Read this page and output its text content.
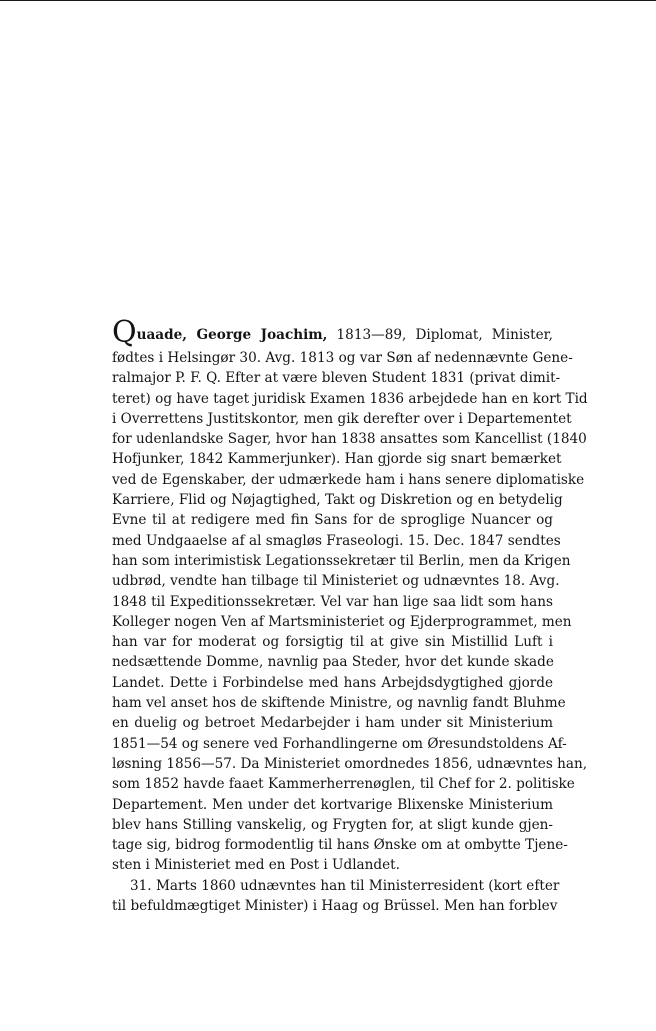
Quaade, George Joachim, 1813—89, Diplomat, Minister,
fødtes i Helsingør 30. Avg. 1813 og var Søn af nedennævnte Gene-
ralmajor P. F. Q. Efter at være bleven Student 1831 (privat dimit-
teret) og have taget juridisk Examen 1836 arbejdede han en kort Tid
i Overrettens Justitskontor, men gik derefter over i Departementet
for udenlandske Sager, hvor han 1838 ansattes som Kancellist (1840
Hofjunker, 1842 Kammerjunker). Han gjorde sig snart bemærket
ved de Egenskaber, der udmærkede ham i hans senere diplomatiske
Karriere, Flid og Nøjagtighed, Takt og Diskretion og en betydelig
Evne til at redigere med fin Sans for de sproglige Nuancer og
med Undgaaelse af al smagløs Fraseologi. 15. Dec. 1847 sendtes
han som interimistisk Legationssekretær til Berlin, men da Krigen
udbrød, vendte han tilbage til Ministeriet og udnævntes 18. Avg.
1848 til Expeditionssekretær. Vel var han lige saa lidt som hans
Kolleger nogen Ven af Martsministeriet og Ejderprogrammet, men
han var for moderat og forsigtig til at give sin Mistillid Luft i
nedsættende Domme, navnlig paa Steder, hvor det kunde skade
Landet. Dette i Forbindelse med hans Arbejdsdygtighed gjorde
ham vel anset hos de skiftende Ministre, og navnlig fandt Bluhme
en duelig og betroet Medarbejder i ham under sit Ministerium
1851—54 og senere ved Forhandlingerne om Øresundstoldens Af-
løsning 1856—57. Da Ministeriet omordnedes 1856, udnævntes han,
som 1852 havde faaet Kammerherrenøglen, til Chef for 2. politiske
Departement. Men under det kortvarige Blixenske Ministerium
blev hans Stilling vanskelig, og Frygten for, at sligt kunde gjen-
tage sig, bidrog formodentlig til hans Ønske om at ombytte Tjene-
sten i Ministeriet med en Post i Udlandet.
31. Marts 1860 udnævntes han til Ministerresident (kort efter
til befuldmægtiget Minister) i Haag og Brüssel. Men han forblev
